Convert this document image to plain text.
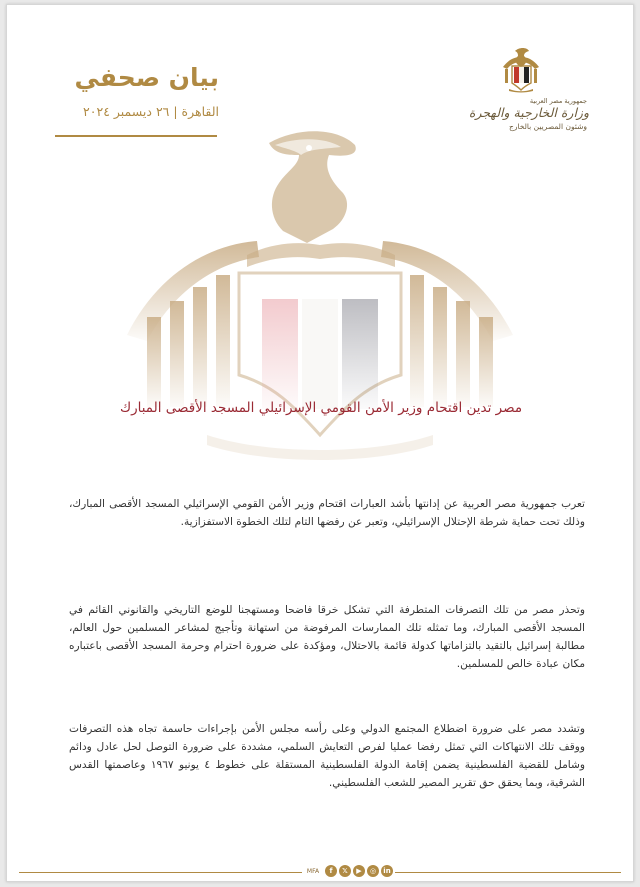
جمهورية مصر العربية
وزارة الخارجية والهجرة
وشئون المصريين بالخارج
بيان صحفي
القاهرة | ٢٦ ديسمبر ٢٠٢٤
مصر تدين اقتحام وزير الأمن القومي الإسرائيلي المسجد الأقصى المبارك

تعرب جمهورية مصر العربية عن إدانتها بأشد العبارات اقتحام وزير الأمن القومي الإسرائيلي المسجد الأقصى المبارك، وذلك تحت حماية شرطة الإحتلال الإسرائيلي، وتعبر عن رفضها التام لتلك الخطوة الاستفزازية.

وتحذر مصر من تلك التصرفات المتطرفة التي تشكل خرقا فاضحا ومستهجنا للوضع التاريخي والقانوني القائم في المسجد الأقصى المبارك، وما تمثله تلك الممارسات المرفوضة من استهانة وتأجيج لمشاعر المسلمين حول العالم، مطالبة إسرائيل بالتقيد بالتزاماتها كدولة قائمة بالاحتلال، ومؤكدة على ضرورة احترام وحرمة المسجد الأقصى باعتباره مكان عبادة خالص للمسلمين.

وتشدد مصر على ضرورة اضطلاع المجتمع الدولي وعلى رأسه مجلس الأمن بإجراءات حاسمة تجاه هذه التصرفات ووقف تلك الانتهاكات التي تمثل رفضا عمليا لفرص التعايش السلمي، مشددة على ضرورة التوصل لحل عادل ودائم وشامل للقضية الفلسطينية يضمن إقامة الدولة الفلسطينية المستقلة على خطوط ٤ يونيو ١٩٦٧ وعاصمتها القدس الشرقية، وبما يحقق حق تقرير المصير للشعب الفلسطيني.

MFA	f	𝕏	▶	◎	in
